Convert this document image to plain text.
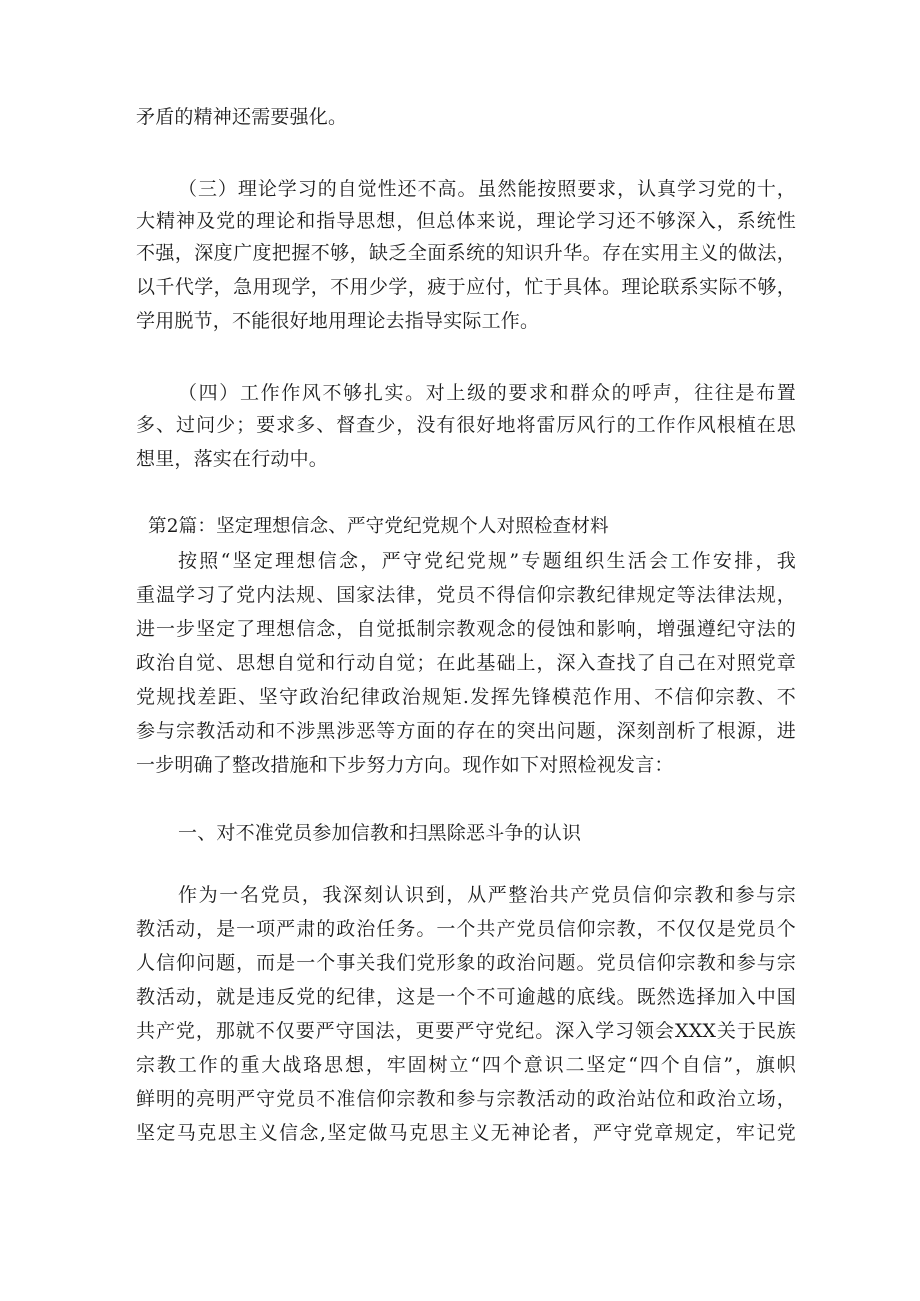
矛盾的精神还需要强化。
（三）理论学习的自觉性还不高。虽然能按照要求，认真学习党的十，
大精神及党的理论和指导思想，但总体来说，理论学习还不够深入，系统性
不强，深度广度把握不够，缺乏全面系统的知识升华。存在实用主义的做法，
以千代学，急用现学，不用少学，疲于应付，忙于具体。理论联系实际不够，
学用脱节，不能很好地用理论去指导实际工作。
（四）工作作风不够扎实。对上级的要求和群众的呼声，往往是布置
多、过问少；要求多、督查少，没有很好地将雷厉风行的工作作风根植在思
想里，落实在行动中。
第2篇：坚定理想信念、严守党纪党规个人对照检查材料
按照“坚定理想信念，严守党纪党规”专题组织生活会工作安排，我
重温学习了党内法规、国家法律，党员不得信仰宗教纪律规定等法律法规，
进一步坚定了理想信念，自觉抵制宗教观念的侵蚀和影响，增强遵纪守法的
政治自觉、思想自觉和行动自觉；在此基础上，深入查找了自己在对照党章
党规找差距、坚守政治纪律政治规矩.发挥先锋模范作用、不信仰宗教、不
参与宗教活动和不涉黑涉恶等方面的存在的突出问题，深刻剖析了根源，进
一步明确了整改措施和下步努力方向。现作如下对照检视发言：
一、对不准党员参加信教和扫黑除恶斗争的认识
作为一名党员，我深刻认识到，从严整治共产党员信仰宗教和参与宗
教活动，是一项严肃的政治任务。一个共产党员信仰宗教，不仅仅是党员个
人信仰问题，而是一个事关我们党形象的政治问题。党员信仰宗教和参与宗
教活动，就是违反党的纪律，这是一个不可逾越的底线。既然选择加入中国
共产党，那就不仅要严守国法，更要严守党纪。深入学习领会XXX关于民族
宗教工作的重大战珞思想，牢固树立“四个意识二坚定“四个自信”，旗帜
鲜明的亮明严守党员不准信仰宗教和参与宗教活动的政治站位和政治立场，
坚定马克思主义信念,坚定做马克思主义无神论者，严守党章规定，牢记党
